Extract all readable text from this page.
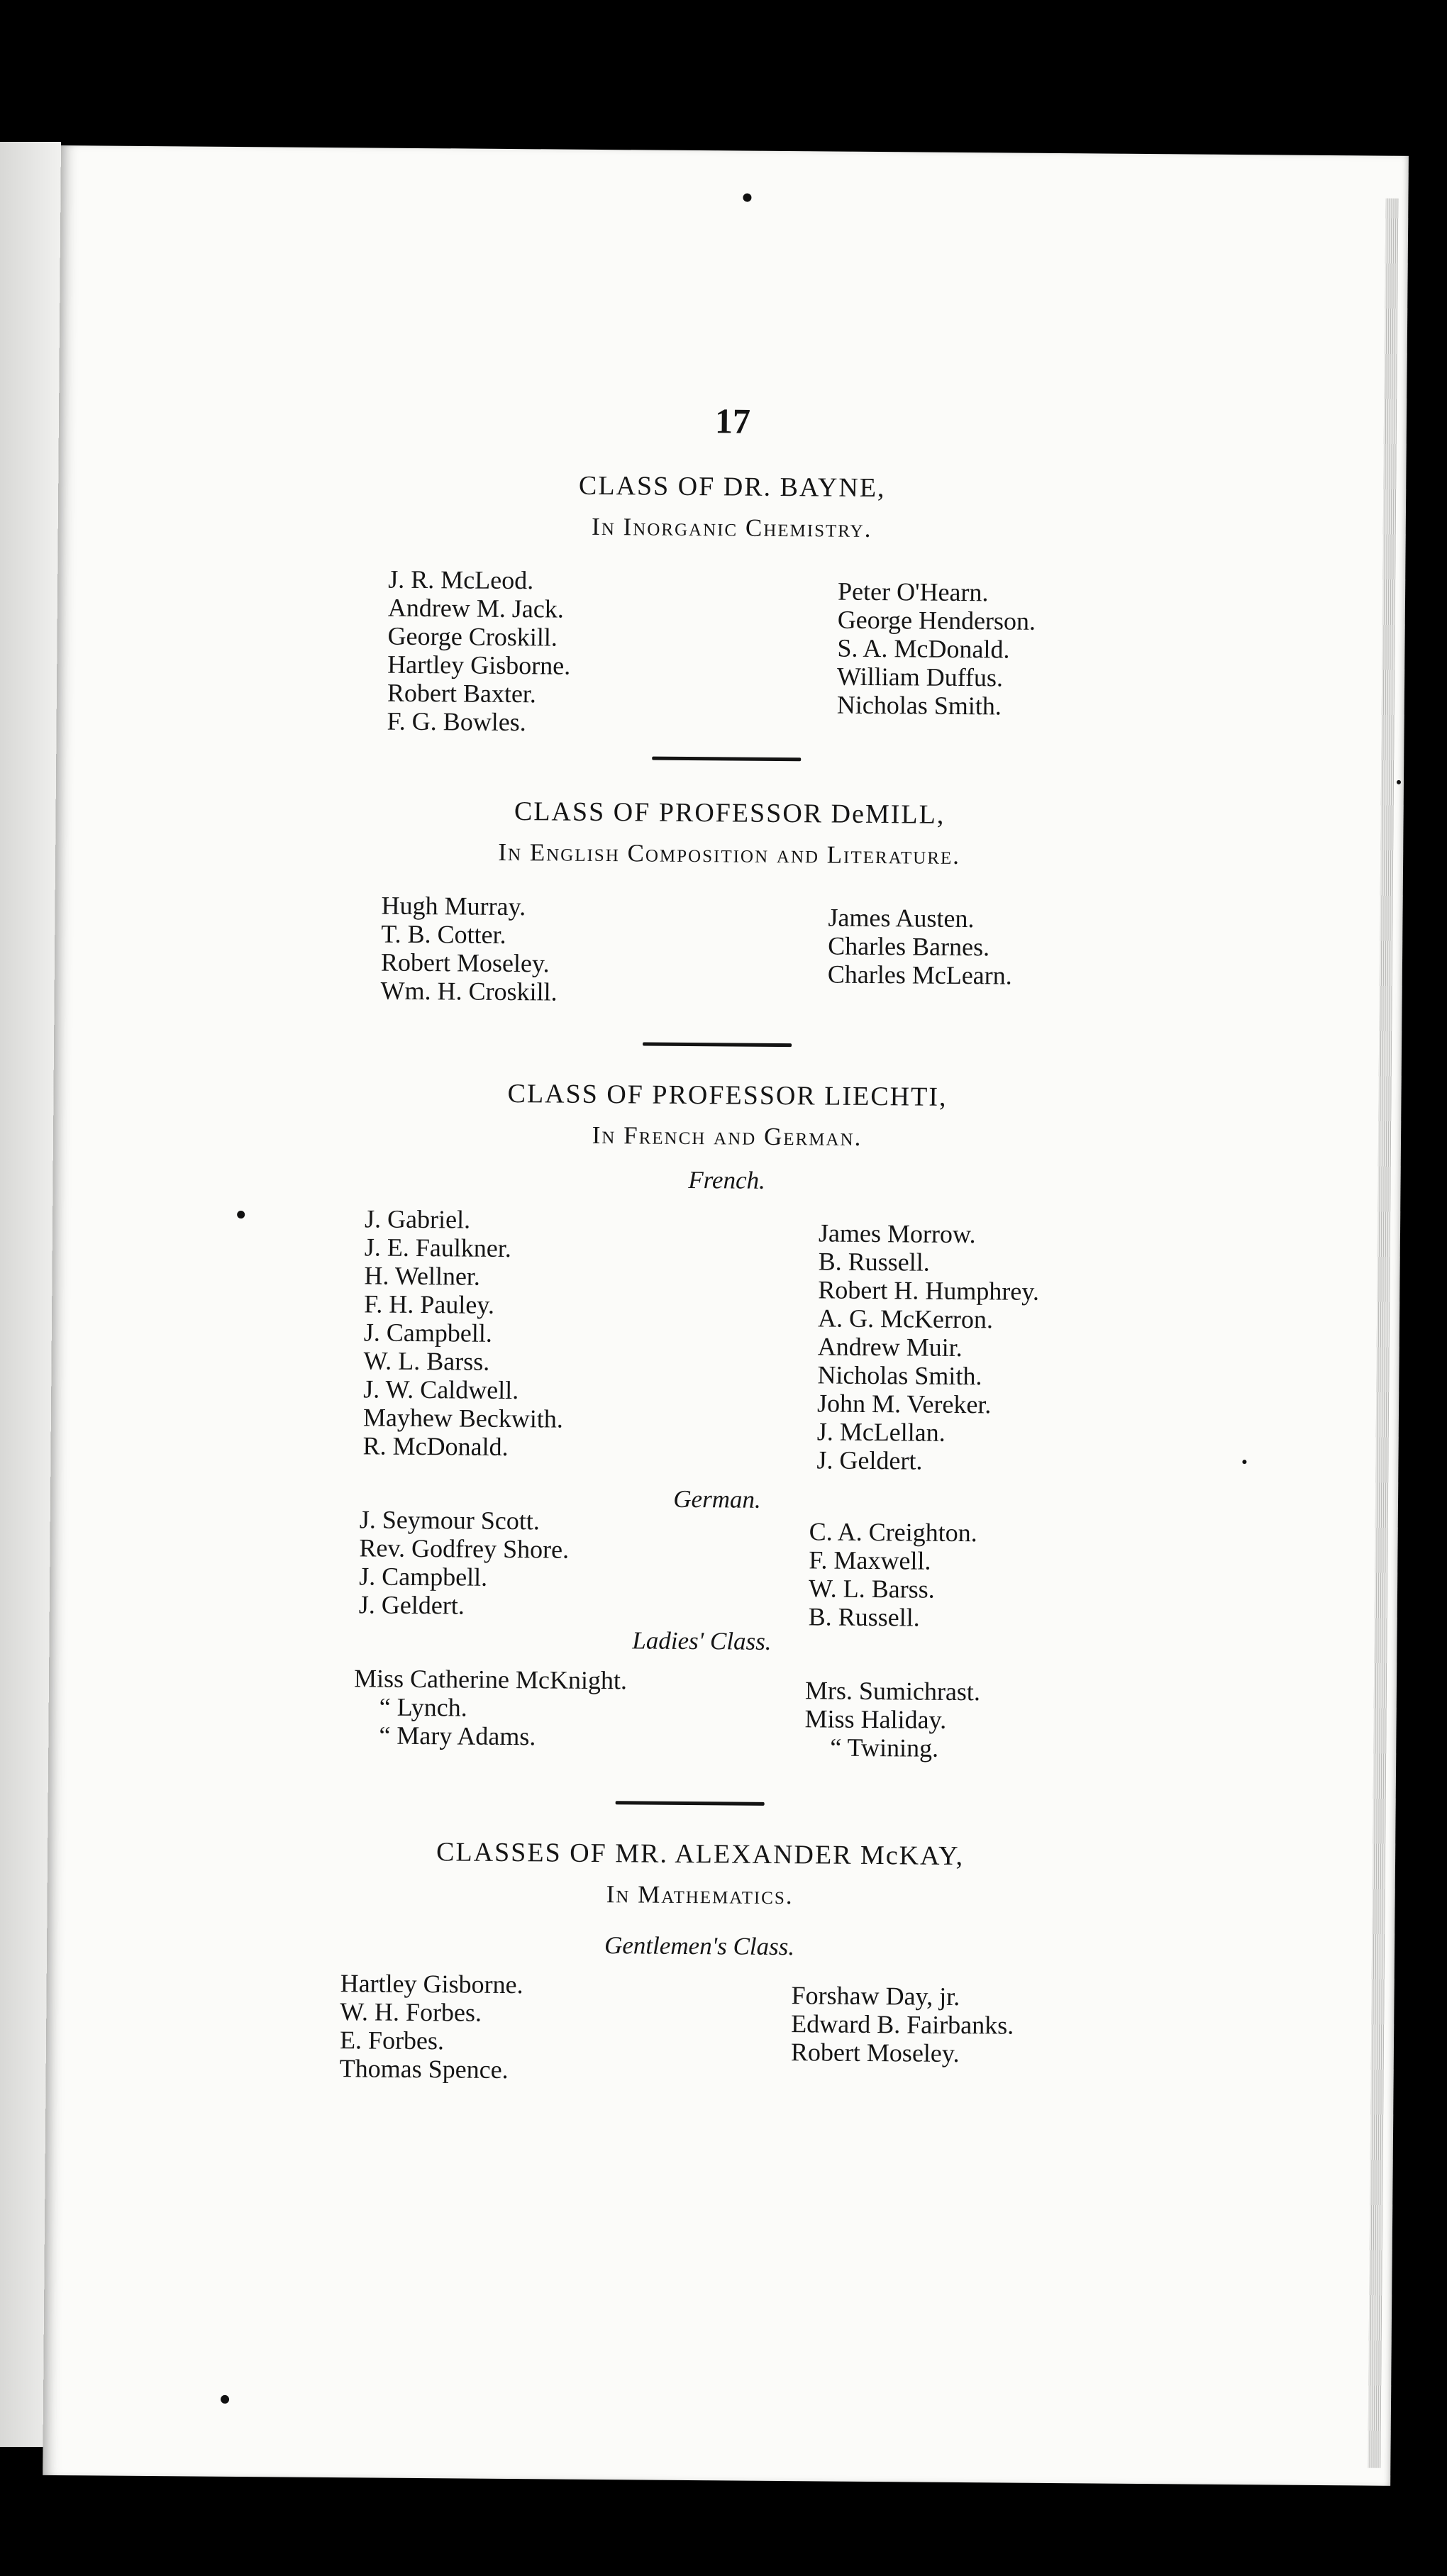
17
CLASS OF DR. BAYNE,

In Inorganic Chemistry.

J. R. McLeod.
Andrew M. Jack.
George Croskill.
Hartley Gisborne.
Robert Baxter.
F. G. Bowles.
Peter O'Hearn.
George Henderson.
S. A. McDonald.
William Duffus.
Nicholas Smith.
CLASS OF PROFESSOR DeMILL,

In English Composition and Literature.

Hugh Murray.
T. B. Cotter.
Robert Moseley.
Wm. H. Croskill.
James Austen.
Charles Barnes.
Charles McLearn.
CLASS OF PROFESSOR LIECHTI,

In French and German.

French.

J. Gabriel.
J. E. Faulkner.
H. Wellner.
F. H. Pauley.
J. Campbell.
W. L. Barss.
J. W. Caldwell.
Mayhew Beckwith.
R. McDonald.
James Morrow.
B. Russell.
Robert H. Humphrey.
A. G. McKerron.
Andrew Muir.
Nicholas Smith.
John M. Vereker.
J. McLellan.
J. Geldert.

German.

J. Seymour Scott.
Rev. Godfrey Shore.
J. Campbell.
J. Geldert.
C. A. Creighton.
F. Maxwell.
W. L. Barss.
B. Russell.

Ladies' Class.

Miss Catherine McKnight.
“ Lynch.
“ Mary Adams.
Mrs. Sumichrast.
Miss Haliday.
“ Twining.
CLASSES OF MR. ALEXANDER McKAY,

In Mathematics.

Gentlemen's Class.

Hartley Gisborne.
W. H. Forbes.
E. Forbes.
Thomas Spence.
Forshaw Day, jr.
Edward B. Fairbanks.
Robert Moseley.
